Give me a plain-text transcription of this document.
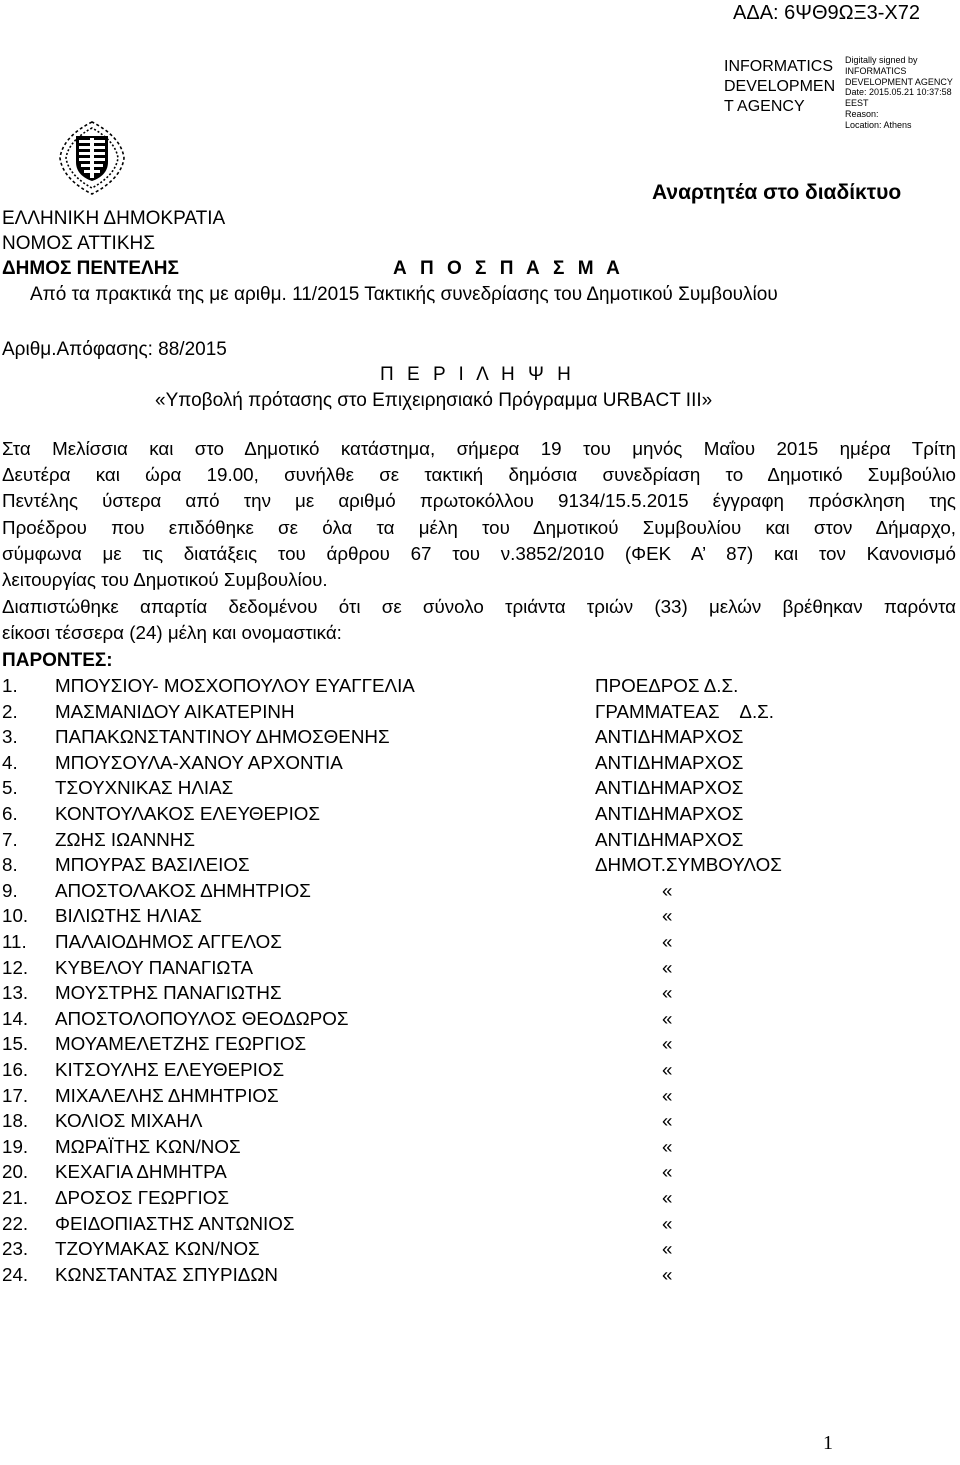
ΑΔΑ: 6ΨΘ9ΩΞ3-Χ72
INFORMATICS DEVELOPMEN T AGENCY
Digitally signed by
INFORMATICS
DEVELOPMENT AGENCY
Date: 2015.05.21 10:37:58
EEST
Reason:
Location: Athens
Αναρτητέα στο διαδίκτυο
ΕΛΛΗΝΙΚΗ ΔΗΜΟΚΡΑΤΙΑ
ΝΟΜΟΣ ΑΤΤΙΚΗΣ
ΔΗΜΟΣ ΠΕΝΤΕΛΗΣ	Α Π Ο Σ Π Α Σ Μ Α
Από τα πρακτικά της με αριθμ. 11/2015 Τακτικής συνεδρίασης του Δημοτικού Συμβουλίου
Αριθμ.Απόφασης: 88/2015
Π Ε Ρ Ι Λ Η Ψ Η
«Υποβολή πρότασης στο Επιχειρησιακό Πρόγραμμα URBACT III»
Στα Μελίσσια και στο Δημοτικό κατάστημα, σήμερα 19 του μηνός Μαΐου 2015 ημέρα Τρίτη
Δευτέρα και ώρα 19.00, συνήλθε σε τακτική δημόσια συνεδρίαση το Δημοτικό Συμβούλιο
Πεντέλης ύστερα από την με αριθμό πρωτοκόλλου 9134/15.5.2015 έγγραφη πρόσκληση της
Προέδρου που επιδόθηκε σε όλα τα μέλη του Δημοτικού Συμβουλίου και στον Δήμαρχο,
σύμφωνα με τις διατάξεις του άρθρου 67 του ν.3852/2010 (ΦΕΚ Α’ 87) και τον Κανονισμό
λειτουργίας του Δημοτικού Συμβουλίου.
Διαπιστώθηκε απαρτία δεδομένου ότι σε σύνολο τριάντα τριών (33) μελών βρέθηκαν παρόντα
είκοσι τέσσερα (24) μέλη και ονομαστικά:
ΠΑΡΟΝΤΕΣ:
1. ΜΠΟΥΣΙΟΥ- ΜΟΣΧΟΠΟΥΛΟΥ ΕΥΑΓΓΕΛΙΑ	ΠΡΟΕΔΡΟΣ Δ.Σ.
2. ΜΑΣΜΑΝΙΔΟΥ ΑΙΚΑΤΕΡΙΝΗ	ΓΡΑΜΜΑΤΕΑΣ    Δ.Σ.
3. ΠΑΠΑΚΩΝΣΤΑΝΤΙΝΟΥ ΔΗΜΟΣΘΕΝΗΣ	ΑΝΤΙΔΗΜΑΡΧΟΣ
4. ΜΠΟΥΣΟΥΛΑ-ΧΑΝΟΥ ΑΡΧΟΝΤΙΑ	ΑΝΤΙΔΗΜΑΡΧΟΣ
5. ΤΣΟΥΧΝΙΚΑΣ ΗΛΙΑΣ	ΑΝΤΙΔΗΜΑΡΧΟΣ
6. ΚΟΝΤΟΥΛΑΚΟΣ ΕΛΕΥΘΕΡΙΟΣ	ΑΝΤΙΔΗΜΑΡΧΟΣ
7. ΖΩΗΣ ΙΩΑΝΝΗΣ	ΑΝΤΙΔΗΜΑΡΧΟΣ
8. ΜΠΟΥΡΑΣ ΒΑΣΙΛΕΙΟΣ	ΔΗΜΟΤ.ΣΥΜΒΟΥΛΟΣ
9. ΑΠΟΣΤΟΛΑΚΟΣ ΔΗΜΗΤΡΙΟΣ	«
10. ΒΙΛΙΩΤΗΣ ΗΛΙΑΣ	«
11. ΠΑΛΑΙΟΔΗΜΟΣ ΑΓΓΕΛΟΣ	«
12. ΚΥΒΕΛΟΥ ΠΑΝΑΓΙΩΤΑ	«
13. ΜΟΥΣΤΡΗΣ ΠΑΝΑΓΙΩΤΗΣ	«
14. ΑΠΟΣΤΟΛΟΠΟΥΛΟΣ ΘΕΟΔΩΡΟΣ	«
15. ΜΟΥΑΜΕΛΕΤΖΗΣ ΓΕΩΡΓΙΟΣ	«
16. ΚΙΤΣΟΥΛΗΣ ΕΛΕΥΘΕΡΙΟΣ	«
17. ΜΙΧΑΛΕΛΗΣ ΔΗΜΗΤΡΙΟΣ	«
18. ΚΟΛΙΟΣ ΜΙΧΑΗΛ	«
19. ΜΩΡΑΪΤΗΣ ΚΩΝ/ΝΟΣ	«
20. ΚΕΧΑΓΙΑ ΔΗΜΗΤΡΑ	«
21. ΔΡΟΣΟΣ ΓΕΩΡΓΙΟΣ	«
22. ΦΕΙΔΟΠΙΑΣΤΗΣ ΑΝΤΩΝΙΟΣ	«
23. ΤΖΟΥΜΑΚΑΣ ΚΩΝ/ΝΟΣ	«
24. ΚΩΝΣΤΑΝΤΑΣ ΣΠΥΡΙΔΩΝ	«
1
